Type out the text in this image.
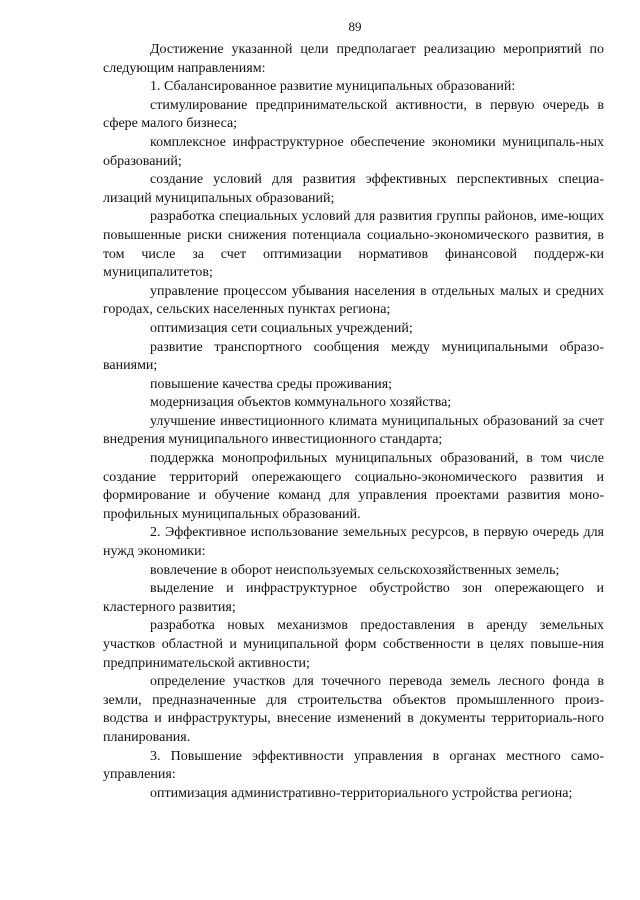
89

Достижение указанной цели предполагает реализацию мероприятий по следующим направлениям:

1. Сбалансированное развитие муниципальных образований:

стимулирование предпринимательской активности, в первую очередь в сфере малого бизнеса;

комплексное инфраструктурное обеспечение экономики муниципаль-ных образований;

создание условий для развития эффективных перспективных специа-лизаций муниципальных образований;

разработка специальных условий для развития группы районов, име-ющих повышенные риски снижения потенциала социально-экономического развития, в том числе за счет оптимизации нормативов финансовой поддерж-ки муниципалитетов;

управление процессом убывания населения в отдельных малых и средних городах, сельских населенных пунктах региона;

оптимизация сети социальных учреждений;

развитие транспортного сообщения между муниципальными образо-ваниями;

повышение качества среды проживания;

модернизация объектов коммунального хозяйства;

улучшение инвестиционного климата муниципальных образований за счет внедрения муниципального инвестиционного стандарта;

поддержка монопрофильных муниципальных образований, в том числе создание территорий опережающего социально-экономического развития и формирование и обучение команд для управления проектами развития моно-профильных муниципальных образований.

2. Эффективное использование земельных ресурсов, в первую очередь для нужд экономики:

вовлечение в оборот неиспользуемых сельскохозяйственных земель;

выделение и инфраструктурное обустройство зон опережающего и кластерного развития;

разработка новых механизмов предоставления в аренду земельных участков областной и муниципальной форм собственности в целях повыше-ния предпринимательской активности;

определение участков для точечного перевода земель лесного фонда в земли, предназначенные для строительства объектов промышленного произ-водства и инфраструктуры, внесение изменений в документы территориаль-ного планирования.

3. Повышение эффективности управления в органах местного само-управления:

оптимизация административно-территориального устройства региона;
